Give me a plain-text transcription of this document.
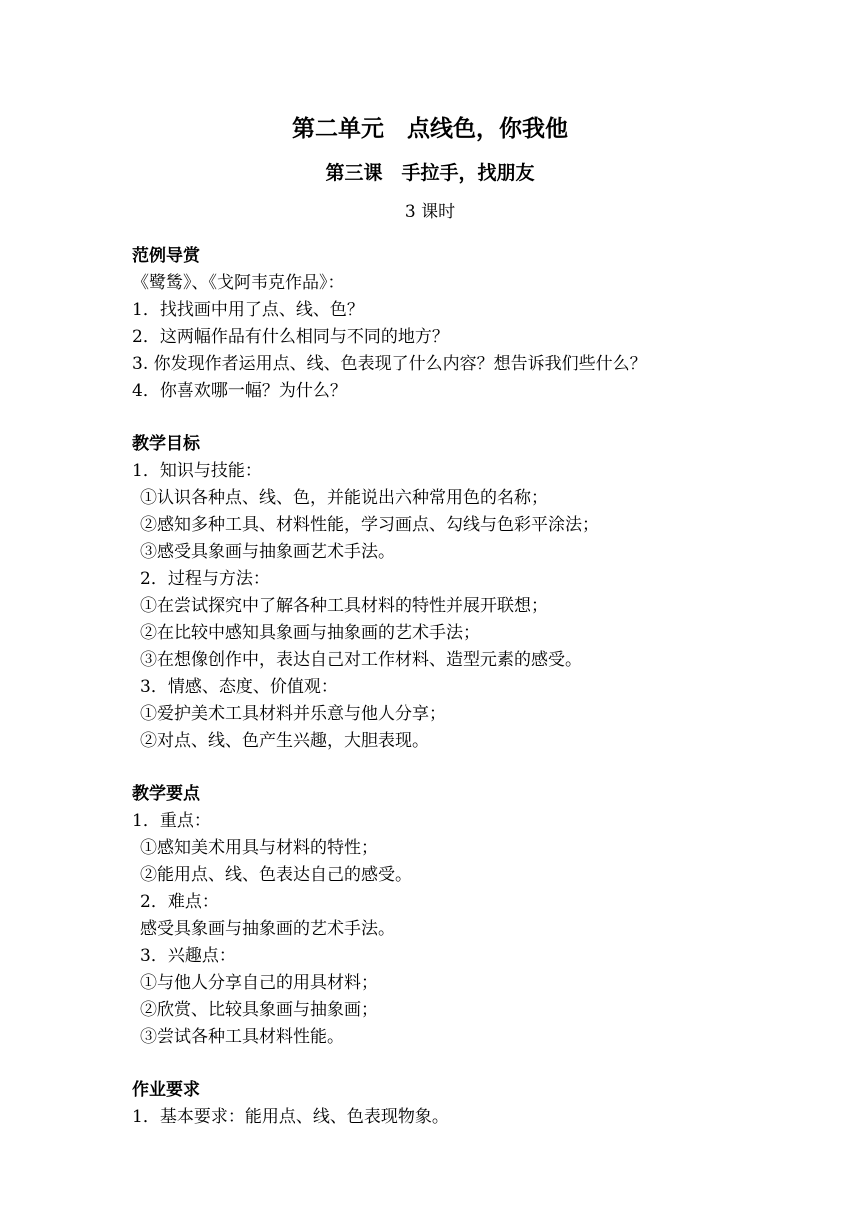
第二单元　点线色，你我他
第三课　手拉手，找朋友
3 课时
范例导赏
《鹭鸶》、《戈阿韦克作品》：
1．找找画中用了点、线、色？
2．这两幅作品有什么相同与不同的地方？
3. 你发现作者运用点、线、色表现了什么内容？想告诉我们些什么？
4．你喜欢哪一幅？为什么？
教学目标
1．知识与技能：
①认识各种点、线、色，并能说出六种常用色的名称；
②感知多种工具、材料性能，学习画点、勾线与色彩平涂法；
③感受具象画与抽象画艺术手法。
2．过程与方法：
①在尝试探究中了解各种工具材料的特性并展开联想；
②在比较中感知具象画与抽象画的艺术手法；
③在想像创作中，表达自己对工作材料、造型元素的感受。
3．情感、态度、价值观：
①爱护美术工具材料并乐意与他人分享；
②对点、线、色产生兴趣，大胆表现。
教学要点
1．重点：
①感知美术用具与材料的特性；
②能用点、线、色表达自己的感受。
2．难点：
感受具象画与抽象画的艺术手法。
3．兴趣点：
①与他人分享自己的用具材料；
②欣赏、比较具象画与抽象画；
③尝试各种工具材料性能。
作业要求
1．基本要求：能用点、线、色表现物象。
